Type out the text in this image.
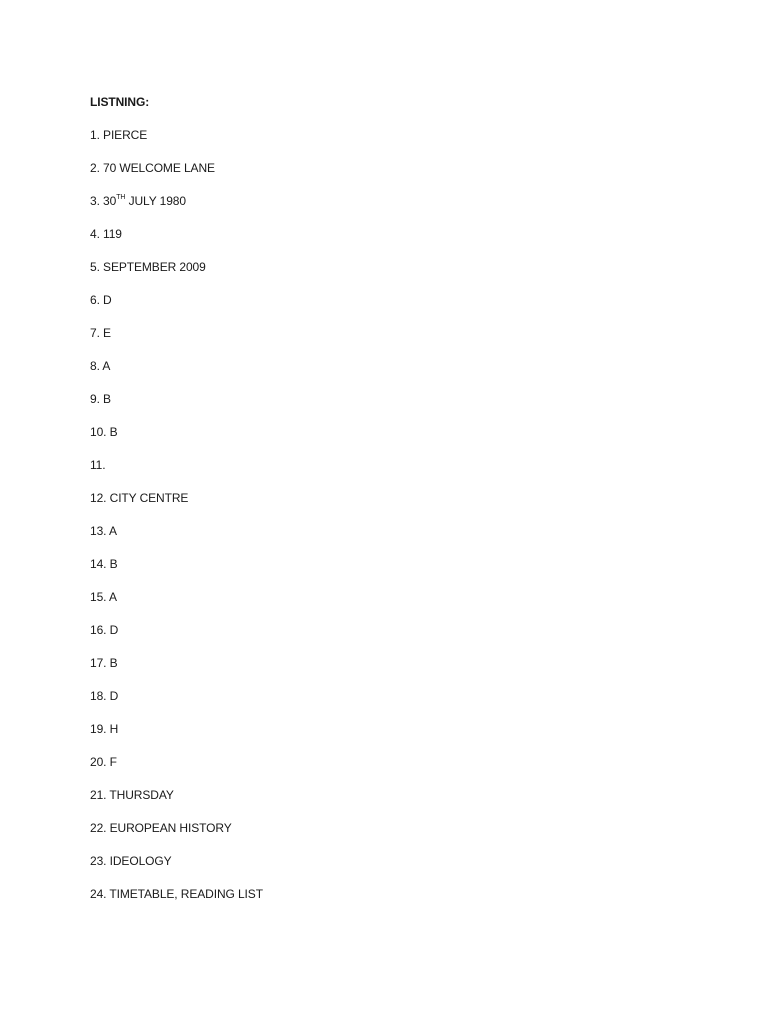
LISTNING:
1. PIERCE
2. 70 WELCOME LANE
3. 30TH JULY 1980
4. 119
5. SEPTEMBER 2009
6. D
7. E
8. A
9. B
10. B
11.
12. CITY CENTRE
13. A
14. B
15. A
16. D
17. B
18. D
19. H
20. F
21. THURSDAY
22. EUROPEAN HISTORY
23. IDEOLOGY
24. TIMETABLE, READING LIST
